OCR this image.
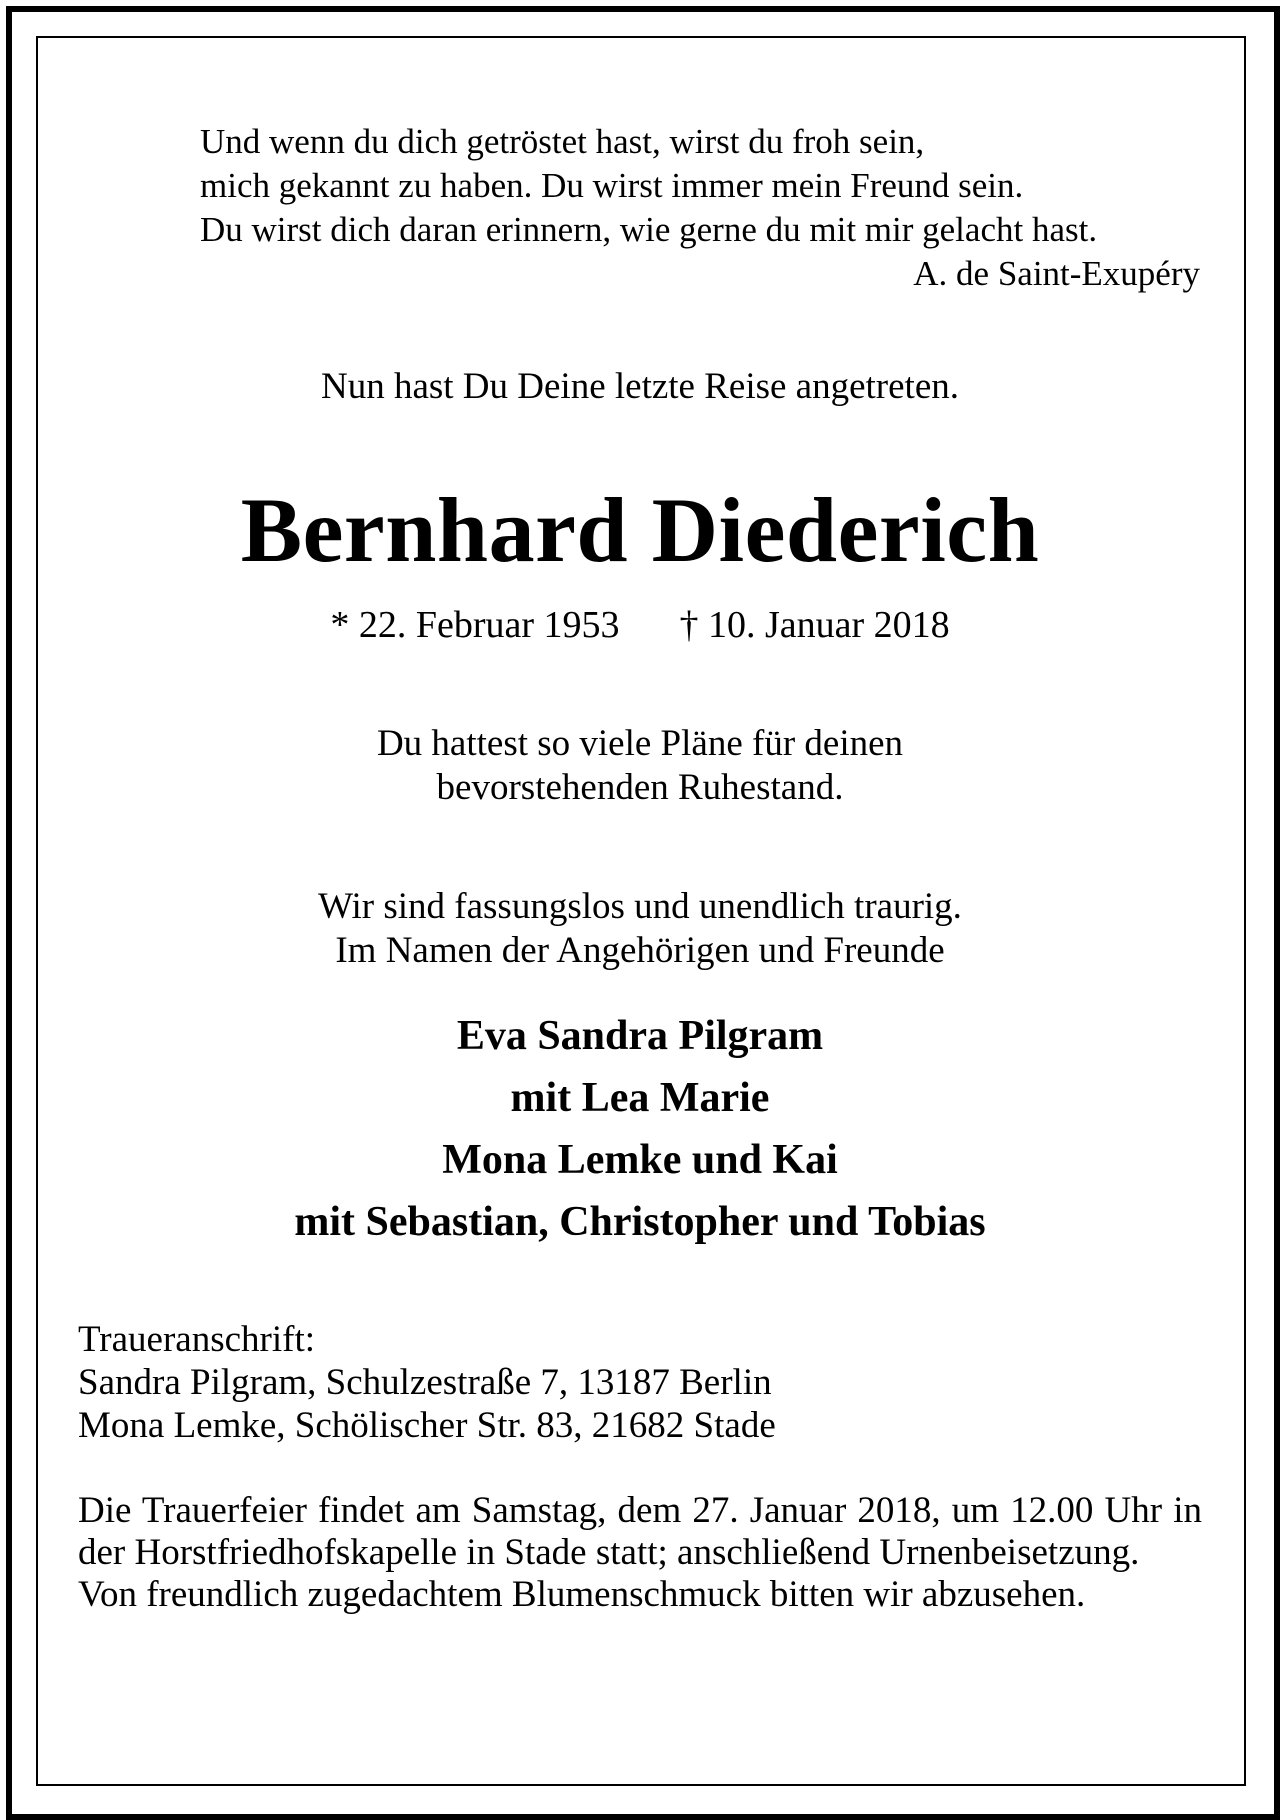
Und wenn du dich getröstet hast, wirst du froh sein,
mich gekannt zu haben. Du wirst immer mein Freund sein.
Du wirst dich daran erinnern, wie gerne du mit mir gelacht hast.
A. de Saint-Exupéry
Nun hast Du Deine letzte Reise angetreten.
Bernhard Diederich
* 22. Februar 1953 † 10. Januar 2018
Du hattest so viele Pläne für deinen
bevorstehenden Ruhestand.
Wir sind fassungslos und unendlich traurig.
Im Namen der Angehörigen und Freunde
Eva Sandra Pilgram
mit Lea Marie
Mona Lemke und Kai
mit Sebastian, Christopher und Tobias
Traueranschrift:
Sandra Pilgram, Schulzestraße 7, 13187 Berlin
Mona Lemke, Schölischer Str. 83, 21682 Stade

Die Trauerfeier findet am Samstag, dem 27. Januar 2018, um 12.00 Uhr in der Horstfriedhofskapelle in Stade statt; anschließend Urnenbeisetzung.

Von freundlich zugedachtem Blumenschmuck bitten wir abzusehen.
